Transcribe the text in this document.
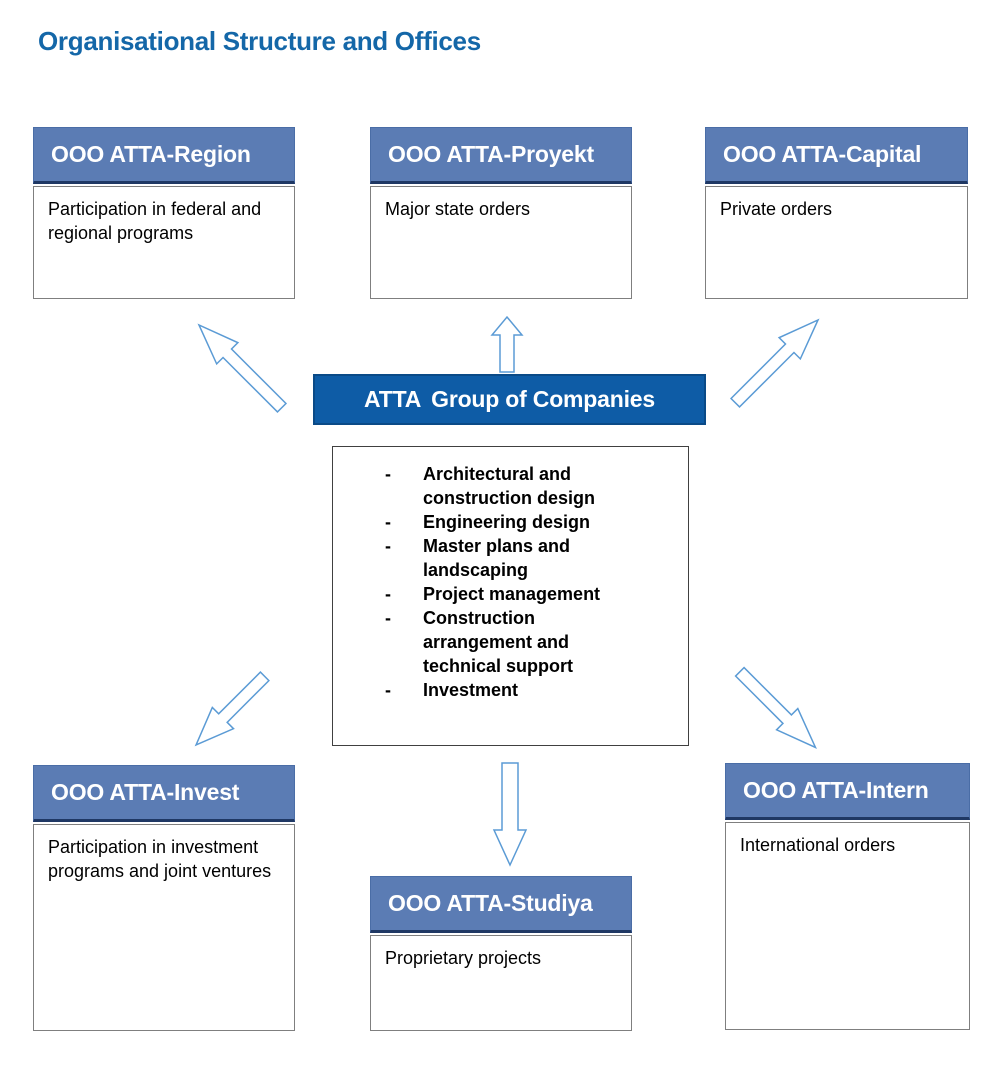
Organisational Structure and Offices
OOO ATTA-Region
Participation in federal and regional programs
OOO ATTA-Proyekt
Major state orders
OOO ATTA-Capital
Private orders
ATTA Group of Companies
-	Architectural and construction design
-	Engineering design
-	Master plans and landscaping
-	Project management
-	Construction arrangement and technical support
-	Investment
OOO ATTA-Invest
Participation in investment programs and joint ventures
OOO ATTA-Studiya
Proprietary projects
OOO ATTA-Intern
International orders
